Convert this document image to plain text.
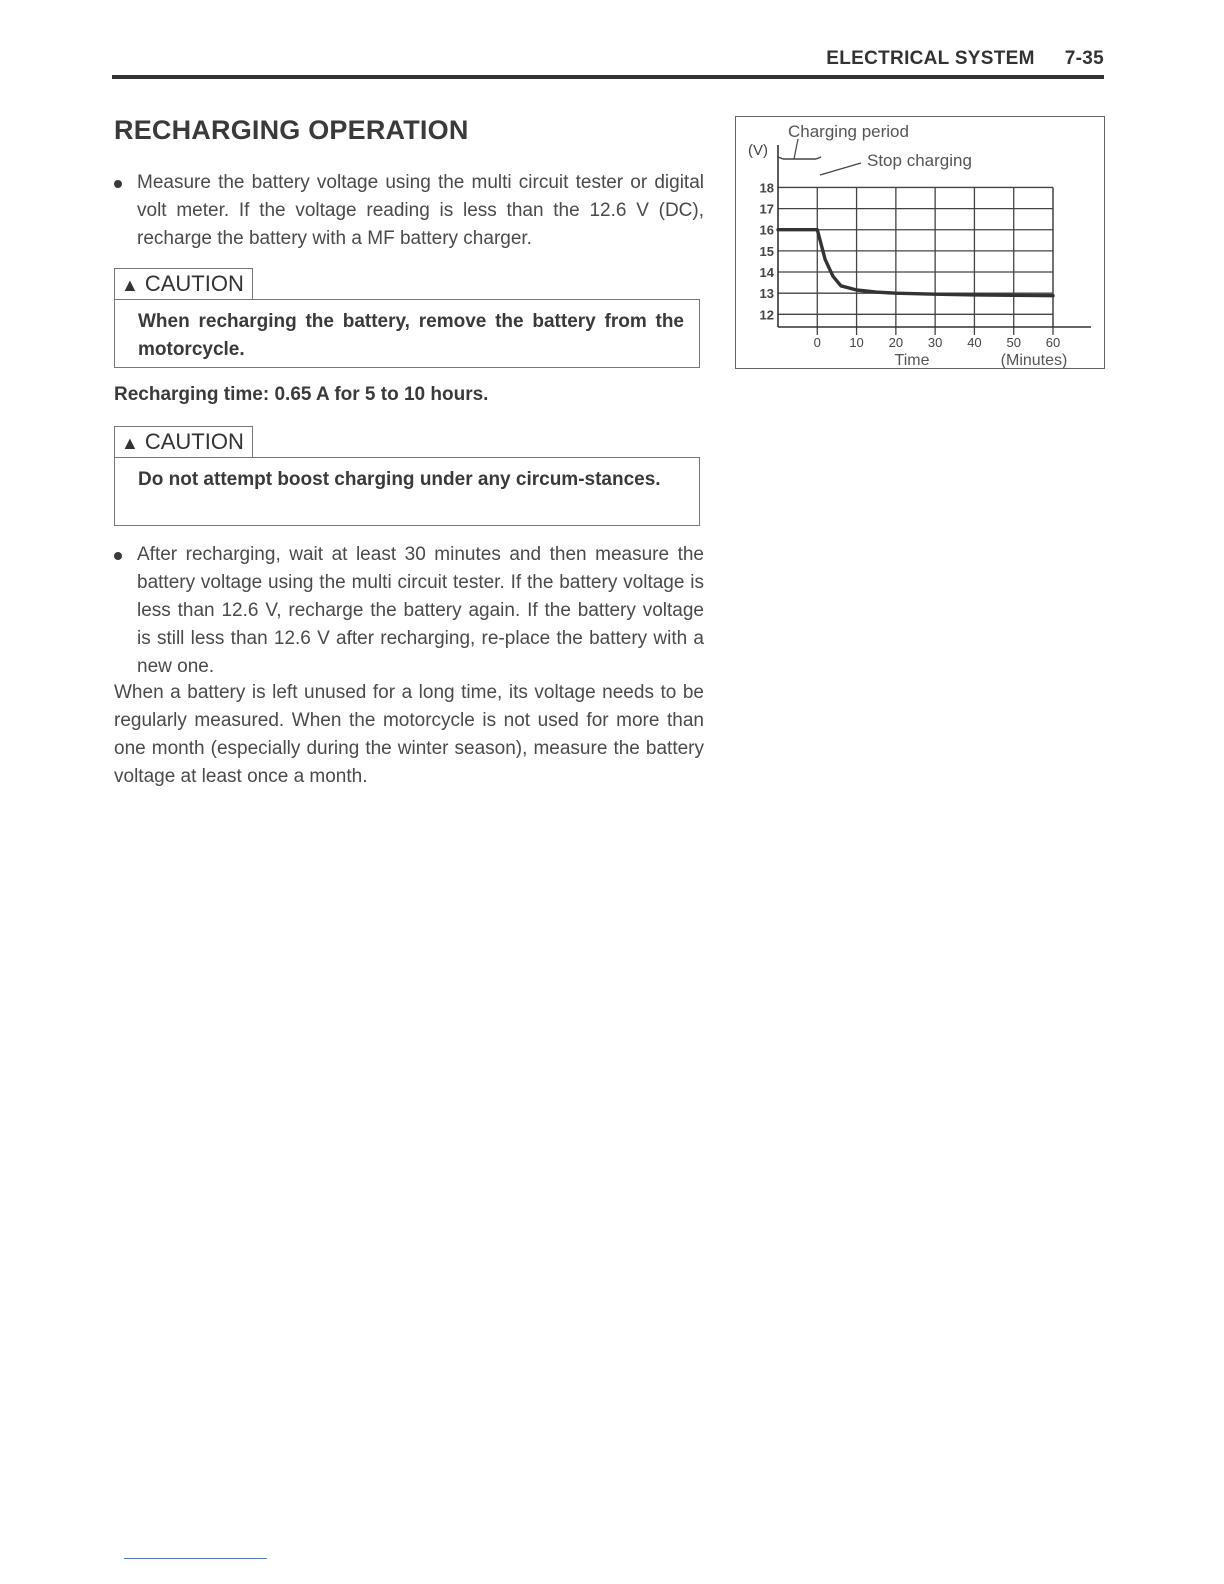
ELECTRICAL SYSTEM 7-35
RECHARGING OPERATION
Measure the battery voltage using the multi circuit tester or digital volt meter. If the voltage reading is less than the 12.6 V (DC), recharge the battery with a MF battery charger.
▲ CAUTION

When recharging the battery, remove the battery from the motorcycle.

Recharging time: 0.65 A for 5 to 10 hours.
▲ CAUTION

Do not attempt boost charging under any circum-stances.

After recharging, wait at least 30 minutes and then measure the battery voltage using the multi circuit tester. If the battery voltage is less than 12.6 V, recharge the battery again. If the battery voltage is still less than 12.6 V after recharging, re-place the battery with a new one.

When a battery is left unused for a long time, its voltage needs to be regularly measured. When the motorcycle is not used for more than one month (especially during the winter season), measure the battery voltage at least once a month.

18
17
16
15
14
13
12
0 10 20 30 40 50 60
Charging period
Stop charging
(V)
Time	(Minutes)
